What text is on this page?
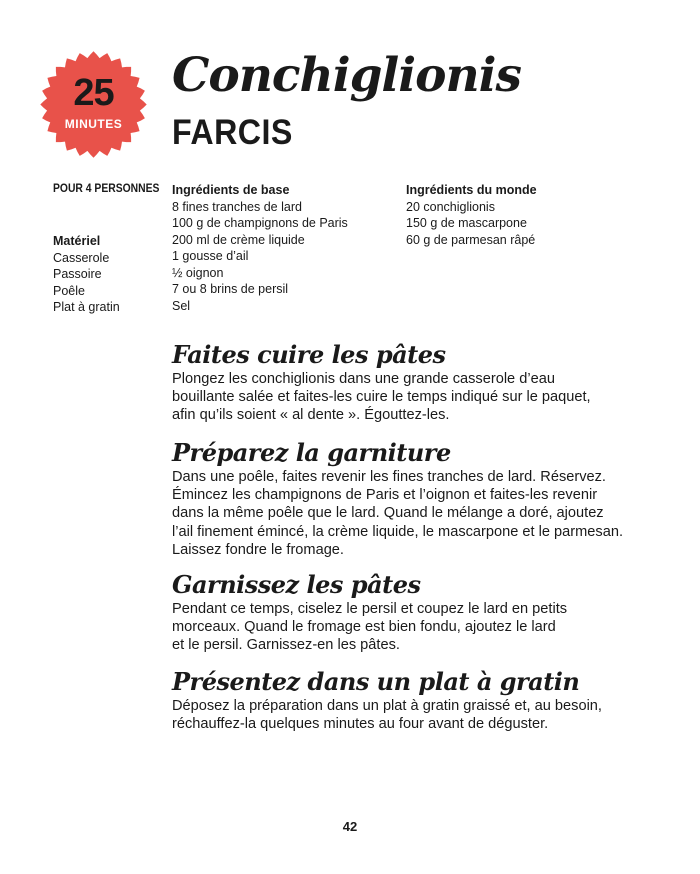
25
MINUTES
Conchiglionis
FARCIS
POUR 4 PERSONNES
Matériel
Casserole
Passoire
Poêle
Plat à gratin
Ingrédients de base
8 fines tranches de lard
100 g de champignons de Paris
200 ml de crème liquide
1 gousse d’ail
½ oignon
7 ou 8 brins de persil
Sel
Ingrédients du monde
20 conchiglionis
150 g de mascarpone
60 g de parmesan râpé
Faites cuire les pâtes
Plongez les conchiglionis dans une grande casserole d’eau
bouillante salée et faites-les cuire le temps indiqué sur le paquet,
afin qu’ils soient « al dente ». Égouttez-les.
Préparez la garniture
Dans une poêle, faites revenir les fines tranches de lard. Réservez.
Émincez les champignons de Paris et l’oignon et faites-les revenir
dans la même poêle que le lard. Quand le mélange a doré, ajoutez
l’ail finement émincé, la crème liquide, le mascarpone et le parmesan.
Laissez fondre le fromage.
Garnissez les pâtes
Pendant ce temps, ciselez le persil et coupez le lard en petits
morceaux. Quand le fromage est bien fondu, ajoutez le lard
et le persil. Garnissez-en les pâtes.
Présentez dans un plat à gratin
Déposez la préparation dans un plat à gratin graissé et, au besoin,
réchauffez-la quelques minutes au four avant de déguster.
42
